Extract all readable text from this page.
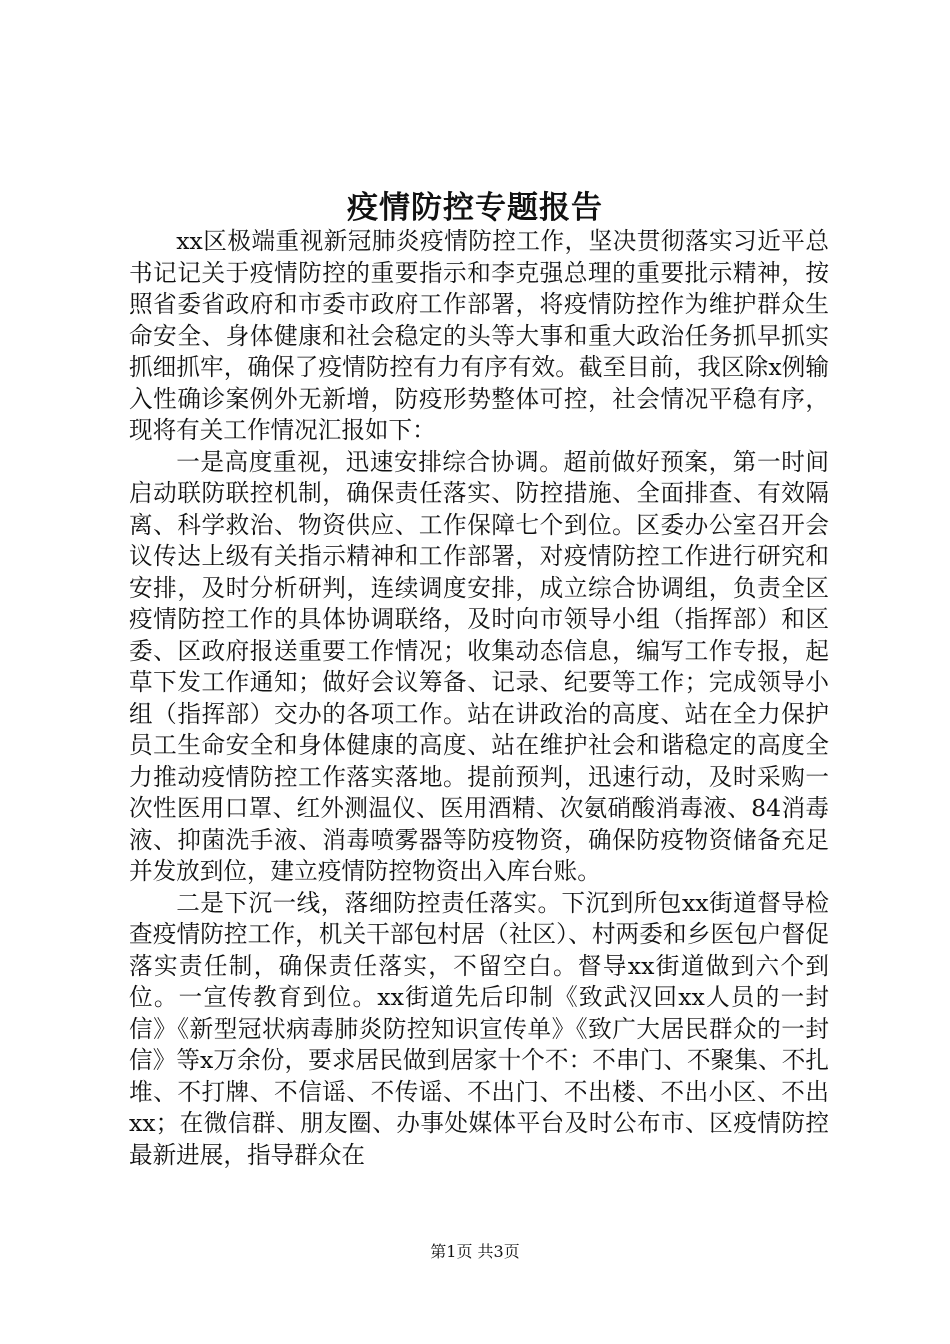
疫情防控专题报告

xx区极端重视新冠肺炎疫情防控工作，坚决贯彻落实习近平总书记记关于疫情防控的重要指示和李克强总理的重要批示精神，按照省委省政府和市委市政府工作部署，将疫情防控作为维护群众生命安全、身体健康和社会稳定的头等大事和重大政治任务抓早抓实抓细抓牢，确保了疫情防控有力有序有效。截至目前，我区除x例输入性确诊案例外无新增，防疫形势整体可控，社会情况平稳有序，现将有关工作情况汇报如下：

一是高度重视，迅速安排综合协调。超前做好预案，第一时间启动联防联控机制，确保责任落实、防控措施、全面排查、有效隔离、科学救治、物资供应、工作保障七个到位。区委办公室召开会议传达上级有关指示精神和工作部署，对疫情防控工作进行研究和安排，及时分析研判，连续调度安排，成立综合协调组，负责全区疫情防控工作的具体协调联络，及时向市领导小组（指挥部）和区委、区政府报送重要工作情况；收集动态信息，编写工作专报，起草下发工作通知；做好会议筹备、记录、纪要等工作；完成领导小组（指挥部）交办的各项工作。站在讲政治的高度、站在全力保护员工生命安全和身体健康的高度、站在维护社会和谐稳定的高度全力推动疫情防控工作落实落地。提前预判，迅速行动，及时采购一次性医用口罩、红外测温仪、医用酒精、次氨硝酸消毒液、84消毒液、抑菌洗手液、消毒喷雾器等防疫物资，确保防疫物资储备充足并发放到位，建立疫情防控物资出入库台账。

二是下沉一线，落细防控责任落实。下沉到所包xx街道督导检查疫情防控工作，机关干部包村居（社区）、村两委和乡医包户督促落实责任制，确保责任落实，不留空白。督导xx街道做到六个到位。一宣传教育到位。xx街道先后印制《致武汉回xx人员的一封信》《新型冠状病毒肺炎防控知识宣传单》《致广大居民群众的一封信》等x万余份，要求居民做到居家十个不：不串门、不聚集、不扎堆、不打牌、不信谣、不传谣、不出门、不出楼、不出小区、不出xx；在微信群、朋友圈、办事处媒体平台及时公布市、区疫情防控最新进展，指导群众在

第1页 共3页
